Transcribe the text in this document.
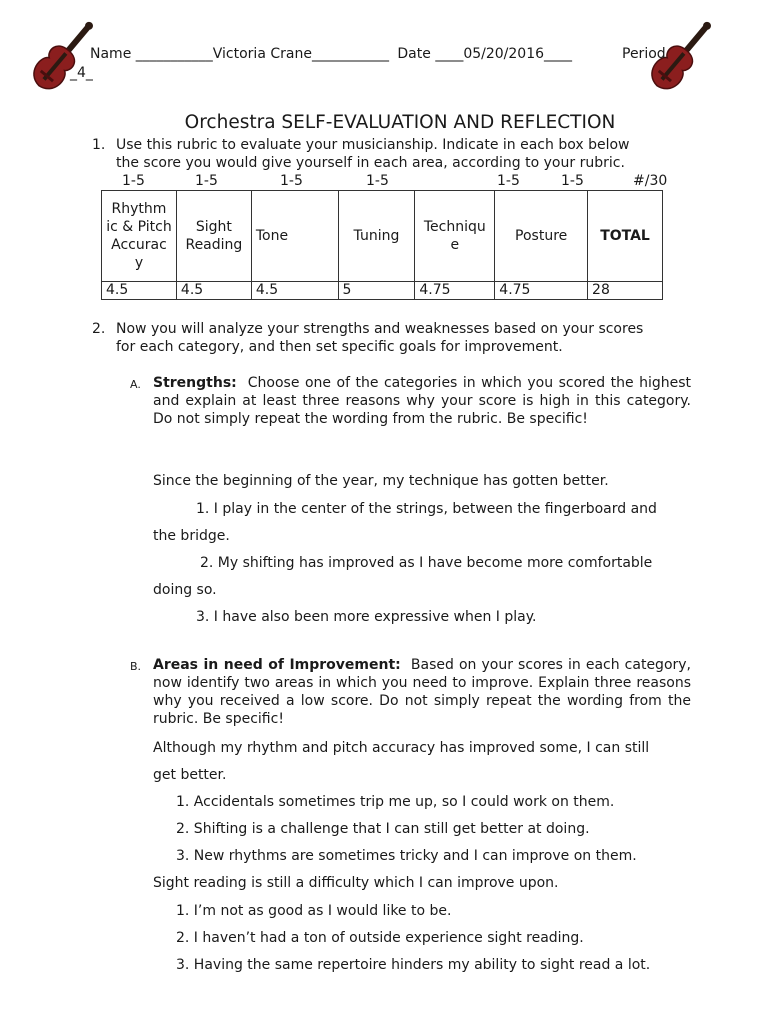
Name ___________Victoria Crane___________ Date ____05/20/2016____	Period
_4_
Orchestra SELF-EVALUATION AND REFLECTION
1. Use this rubric to evaluate your musicianship. Indicate in each box below
the score you would give yourself in each area, according to your rubric.
1-5	1-5	1-5	1-5	1-5	1-5	#/30
Rhythm ic & Pitch Accurac y	Sight Reading	Tone	Tuning	Techniqu e	Posture	TOTAL
4.5	4.5	4.5	5	4.75	4.75	28
2. Now you will analyze your strengths and weaknesses based on your scores
for each category, and then set specific goals for improvement.
A. Strengths: Choose one of the categories in which you scored the highest and explain at least three reasons why your score is high in this category. Do not simply repeat the wording from the rubric. Be specific!
Since the beginning of the year, my technique has gotten better.
1. I play in the center of the strings, between the fingerboard and
the bridge.
2. My shifting has improved as I have become more comfortable
doing so.
3. I have also been more expressive when I play.
B. Areas in need of Improvement: Based on your scores in each category, now identify two areas in which you need to improve. Explain three reasons why you received a low score. Do not simply repeat the wording from the rubric. Be specific!
Although my rhythm and pitch accuracy has improved some, I can still
get better.
1. Accidentals sometimes trip me up, so I could work on them.
2. Shifting is a challenge that I can still get better at doing.
3. New rhythms are sometimes tricky and I can improve on them.
Sight reading is still a difficulty which I can improve upon.
1. I’m not as good as I would like to be.
2. I haven’t had a ton of outside experience sight reading.
3. Having the same repertoire hinders my ability to sight read a lot.
